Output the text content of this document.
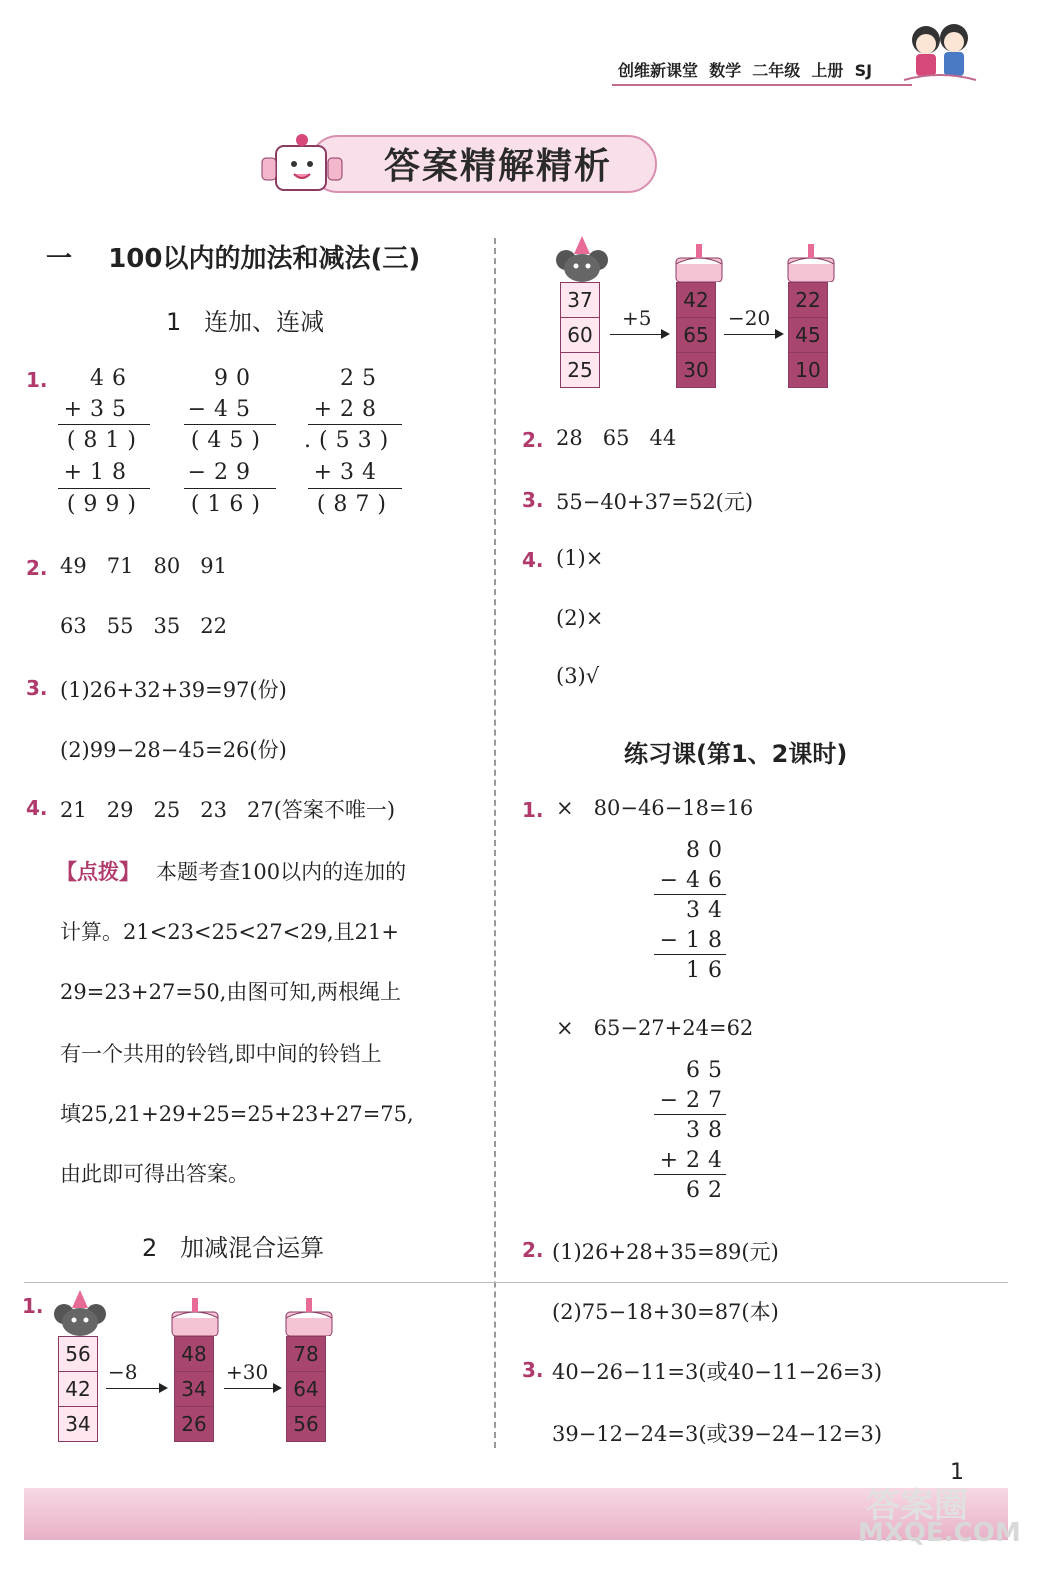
创维新课堂  数学  二年级  上册  SJ
答案精解精析
一    100以内的加法和减法(三)
1   连加、连减
1.	46
+35
(81)
+18
(99)
90
−45
(45)
−29
(16)
25
+28
.(53)
+34
(87)
2. 49   71   80   91
63   55   35   22
3. (1)26+32+39=97(份)
(2)99−28−45=26(份)
4. 21   29   25   23   27(答案不唯一)
【点拨】 本题考查100以内的连加的
计算。21<23<25<27<29,且21+
29=23+27=50,由图可知,两根绳上
有一个共用的铃铛,即中间的铃铛上
填25,21+29+25=25+23+27=75,
由此即可得出答案。
2   加减混合运算
1.
56
42
34
−8
48
34
26
+30
78
64
56
37
60
25
+5
42
65
30
−20
22
45
10
2. 28   65   44
3. 55−40+37=52(元)
4. (1)×
(2)×
(3)√
练习课(第1、2课时)
1. ×   80−46−18=16
80
−46
34
−18
16
×   65−27+24=62
65
−27
38
+24
62
2. (1)26+28+35=89(元)
(2)75−18+30=87(本)
3. 40−26−11=3(或40−11−26=3)
39−12−24=3(或39−24−12=3)
1
答案圈
MXQE.COM
